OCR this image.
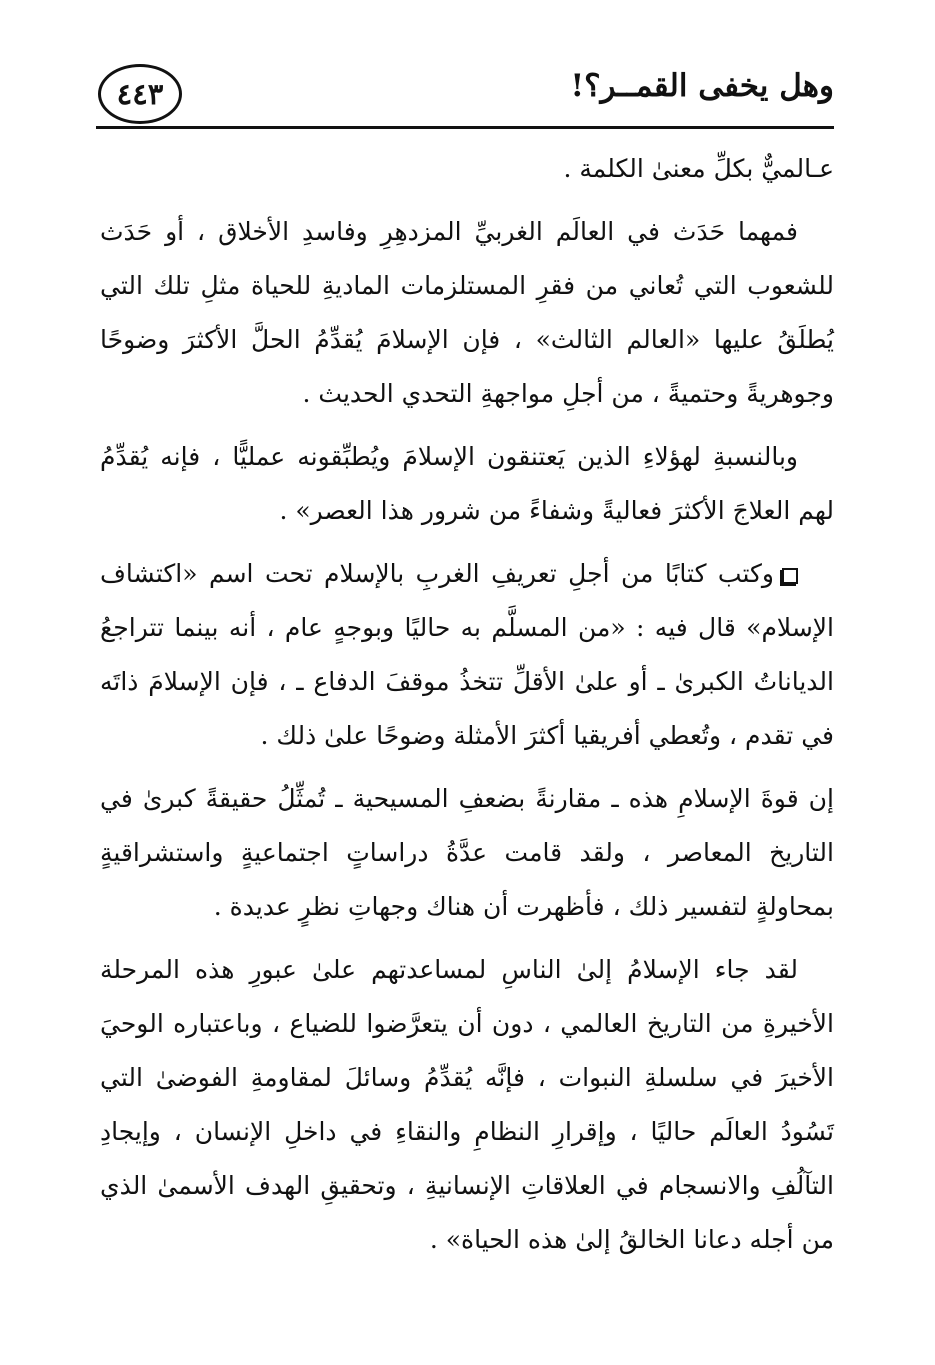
وهل يخفى القمــر؟!
٤٤٣

عـالميٌّ بكلِّ معنىٰ الكلمة .

فمهما حَدَث في العالَم الغربيِّ المزدهِرِ وفاسدِ الأخلاق ، أو حَدَث للشعوب التي تُعاني من فقرِ المستلزمات الماديةِ للحياة مثلِ تلك التي يُطلَقُ عليها «العالم الثالث» ، فإن الإسلامَ يُقدِّمُ الحلَّ الأكثرَ وضوحًا وجوهريةً وحتميةً ، من أجلِ مواجهةِ التحدي الحديث .

وبالنسبةِ لهؤلاءِ الذين يَعتنقون الإسلامَ ويُطبِّقونه عمليًّا ، فإنه يُقدِّمُ لهم العلاجَ الأكثرَ فعاليةً وشفاءً من شرور هذا العصر» .

وكتب كتابًا من أجلِ تعريفِ الغربِ بالإسلام تحت اسم «اكتشاف الإسلام» قال فيه : «من المسلَّم به حاليًا وبوجهٍ عام ، أنه بينما تتراجعُ الدياناتُ الكبرىٰ ـ أو علىٰ الأقلِّ تتخذُ موقفَ الدفاع ـ ، فإن الإسلامَ ذاتَه في تقدم ، وتُعطي أفريقيا أكثرَ الأمثلة وضوحًا علىٰ ذلك .

إن قوةَ الإسلامِ هذه ـ مقارنةً بضعفِ المسيحية ـ تُمثِّلُ حقيقةً كبرىٰ في التاريخ المعاصر ، ولقد قامت عدَّةُ دراساتٍ اجتماعيةٍ واستشراقيةٍ بمحاولةٍ لتفسير ذلك ، فأظهرت أن هناك وجهاتِ نظرٍ عديدة .

لقد جاء الإسلامُ إلىٰ الناسِ لمساعدتهم علىٰ عبورِ هذه المرحلة الأخيرةِ من التاريخ العالمي ، دون أن يتعرَّضوا للضياع ، وباعتباره الوحيَ الأخيرَ في سلسلةِ النبوات ، فإنَّه يُقدِّمُ وسائلَ لمقاومةِ الفوضىٰ التي تَسُودُ العالَم حاليًا ، وإقرارِ النظامِ والنقاءِ في داخلِ الإنسان ، وإيجادِ التآلُفِ والانسجام في العلاقاتِ الإنسانيةِ ، وتحقيقِ الهدف الأسمىٰ الذي من أجله دعانا الخالقُ إلىٰ هذه الحياة» .
